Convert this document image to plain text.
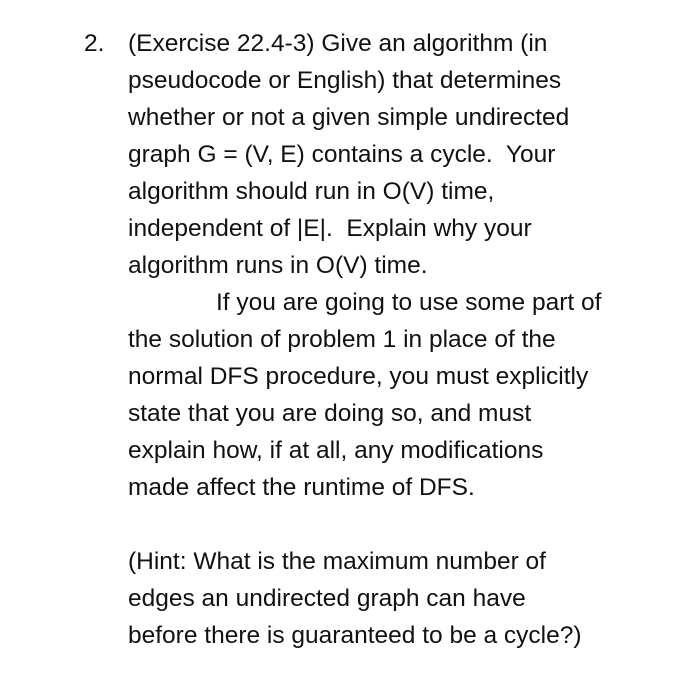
2. (Exercise 22.4-3) Give an algorithm (in
pseudocode or English) that determines
whether or not a given simple undirected
graph G = (V, E) contains a cycle.  Your
algorithm should run in O(V) time,
independent of |E|.  Explain why your
algorithm runs in O(V) time.
If you are going to use some part of
the solution of problem 1 in place of the
normal DFS procedure, you must explicitly
state that you are doing so, and must
explain how, if at all, any modifications
made affect the runtime of DFS.
(Hint: What is the maximum number of
edges an undirected graph can have
before there is guaranteed to be a cycle?)
